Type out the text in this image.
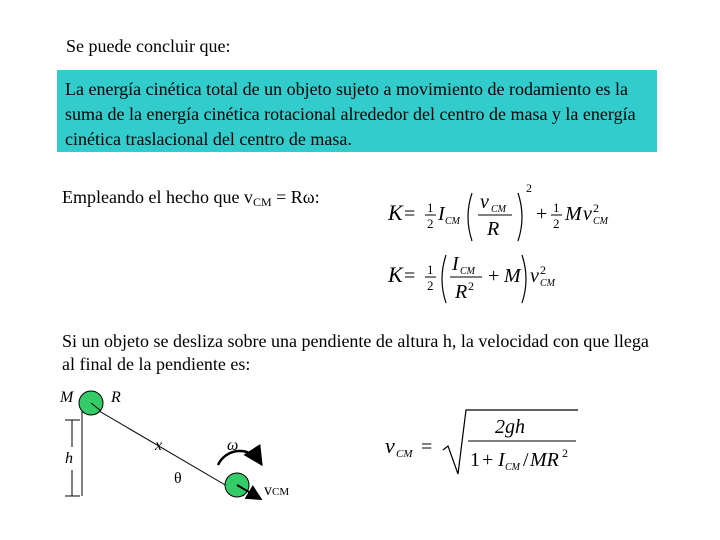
Se puede concluir que:
La energía cinética total de un objeto sujeto a movimiento de rodamiento es la suma de la energía cinética rotacional alrededor del centro de masa y la energía cinética traslacional del centro de masa.
Empleando el hecho que $v_{CM} = R\omega$:
K = 1
2 I CM
v CM
R
2
+ 1
2 M v 2
CM
K = 1
2
I CM
R 2 + M v 2
CM
Si un objeto se desliza sobre una pendiente de altura h, la velocidad con que llega al final de la pendiente es:
M R
h
x	ω
θ
vCM
v CM =
2gh
1 + I CM / MR 2
